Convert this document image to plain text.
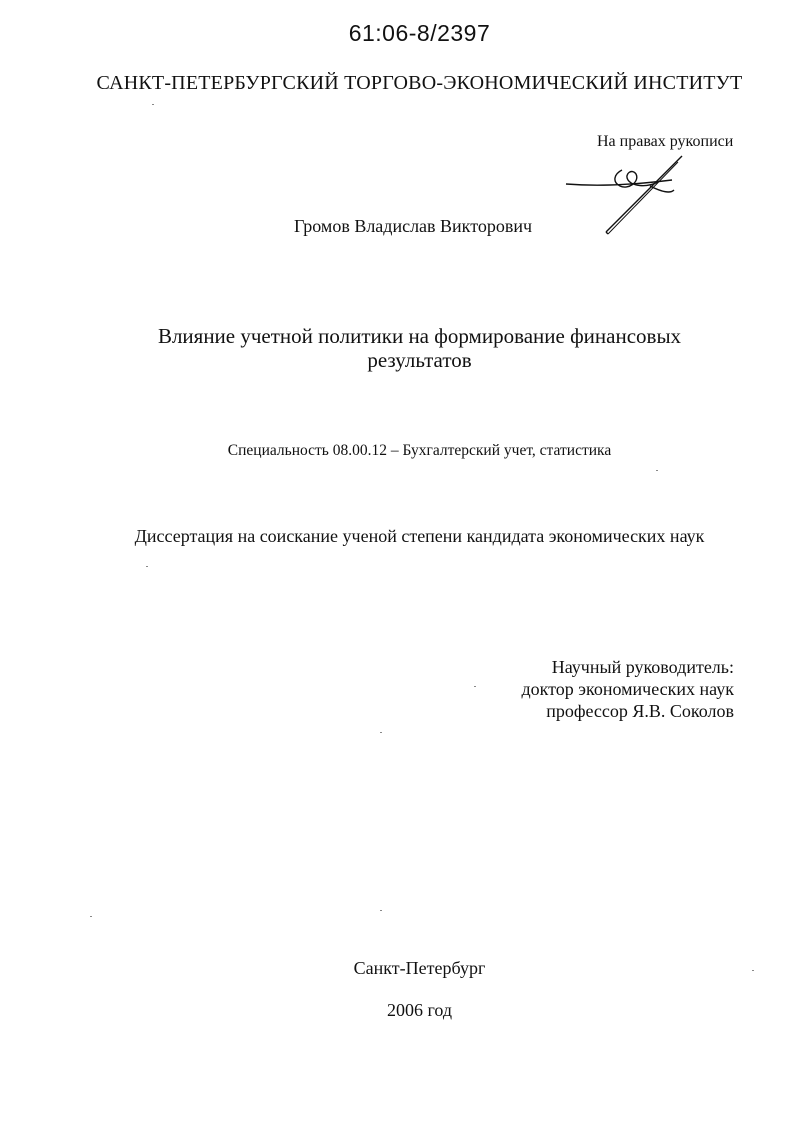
61:06-8/2397
САНКТ-ПЕТЕРБУРГСКИЙ ТОРГОВО-ЭКОНОМИЧЕСКИЙ ИНСТИТУТ
На правах рукописи
Громов Владислав Викторович
Влияние учетной политики на формирование финансовых
результатов
Специальность 08.00.12 – Бухгалтерский учет, статистика
Диссертация на соискание ученой степени кандидата экономических наук
Научный руководитель:
доктор экономических наук
профессор Я.В. Соколов
Санкт-Петербург
2006 год
